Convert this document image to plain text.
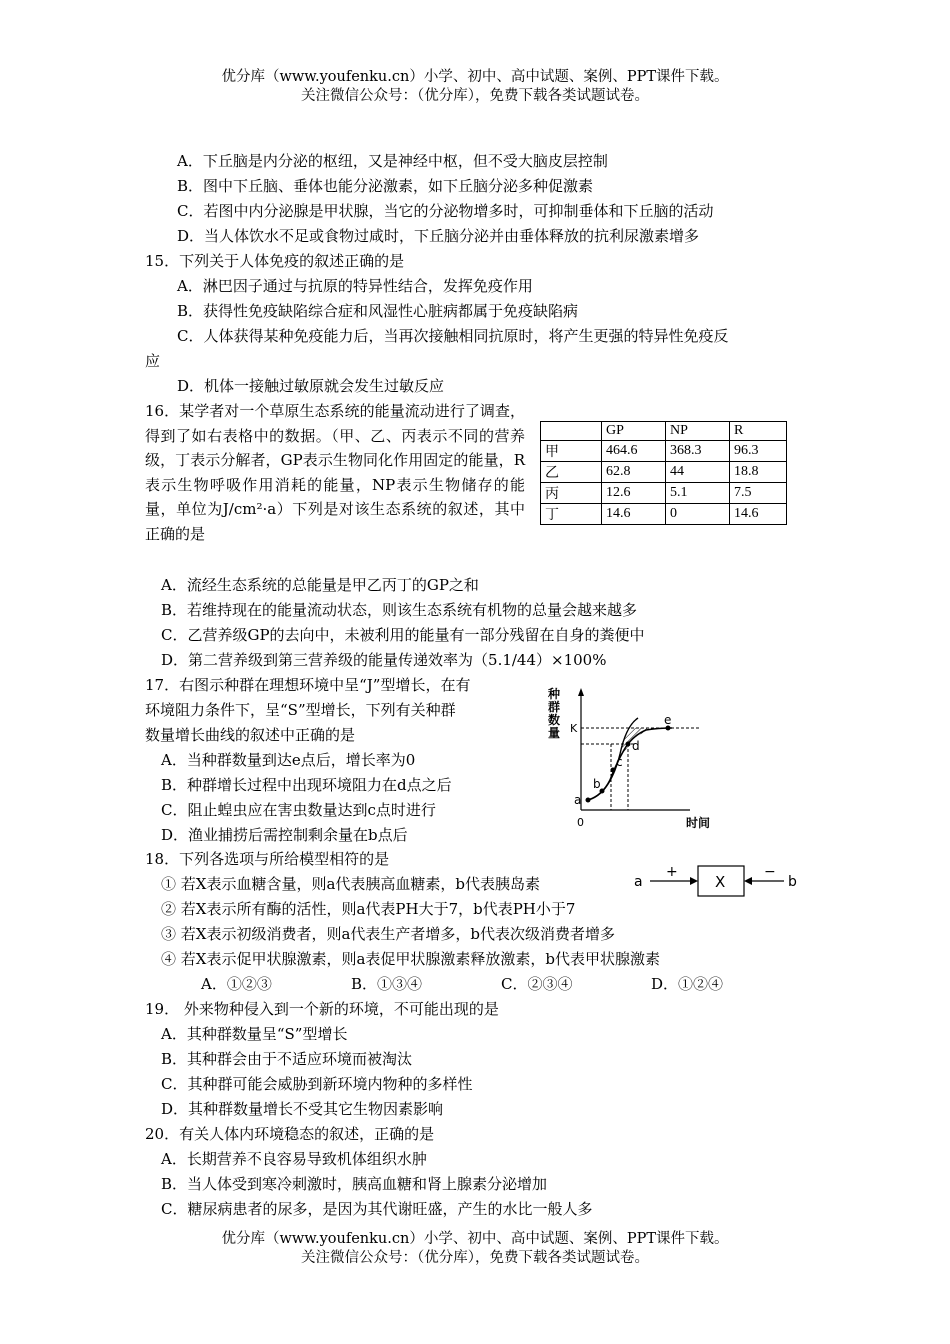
优分库（www.youfenku.cn）小学、初中、高中试题、案例、PPT课件下载。
关注微信公众号：（优分库），免费下载各类试题试卷。
A．下丘脑是内分泌的枢纽，又是神经中枢，但不受大脑皮层控制
B．图中下丘脑、垂体也能分泌激素，如下丘脑分泌多种促激素
C．若图中内分泌腺是甲状腺，当它的分泌物增多时，可抑制垂体和下丘脑的活动
D．当人体饮水不足或食物过咸时，下丘脑分泌并由垂体释放的抗利尿激素增多
15．下列关于人体免疫的叙述正确的是
A．淋巴因子通过与抗原的特异性结合，发挥免疫作用
B．获得性免疫缺陷综合症和风湿性心脏病都属于免疫缺陷病
C．人体获得某种免疫能力后，当再次接触相同抗原时，将产生更强的特异性免疫反
应
D．机体一接触过敏原就会发生过敏反应
16．某学者对一个草原生态系统的能量流动进行了调查，得到了如右表格中的数据。（甲、乙、丙表示不同的营养级，丁表示分解者，GP表示生物同化作用固定的能量，R表示生物呼吸作用消耗的能量，NP表示生物储存的能量，单位为J/cm²·a）下列是对该生态系统的叙述，其中正确的是
	GP	NP	R
甲	464.6	368.3	96.3
乙	62.8	44	18.8
丙	12.6	5.1	7.5
丁	14.6	0	14.6
A．流经生态系统的总能量是甲乙丙丁的GP之和
B．若维持现在的能量流动状态，则该生态系统有机物的总量会越来越多
C．乙营养级GP的去向中，未被利用的能量有一部分残留在自身的粪便中
D．第二营养级到第三营养级的能量传递效率为（5.1/44）×100%
17．右图示种群在理想环境中呈“J”型增长，在有
环境阻力条件下，呈“S”型增长，下列有关种群
数量增长曲线的叙述中正确的是
A．当种群数量到达e点后，增长率为0
B．种群增长过程中出现环境阻力在d点之后
C．阻止蝗虫应在害虫数量达到c点时进行
D．渔业捕捞后需控制剩余量在b点后
种
群
数
量
0	时间
K
a
b
c
d
e
18．下列各选项与所给模型相符的是
① 若X表示血糖含量，则a代表胰高血糖素，b代表胰岛素
② 若X表示所有酶的活性，则a代表PH大于7，b代表PH小于7
③ 若X表示初级消费者，则a代表生产者增多，b代表次级消费者增多
④ 若X表示促甲状腺激素，则a表促甲状腺激素释放激素，b代表甲状腺激素
A．①②③	B．①③④	C．②③④	D．①②④
a
+
X
−
b
19． 外来物种侵入到一个新的环境，不可能出现的是
A．其种群数量呈“S”型增长
B．其种群会由于不适应环境而被淘汰
C．其种群可能会威胁到新环境内物种的多样性
D．其种群数量增长不受其它生物因素影响
20．有关人体内环境稳态的叙述，正确的是
A．长期营养不良容易导致机体组织水肿
B．当人体受到寒冷刺激时，胰高血糖和肾上腺素分泌增加
C．糖尿病患者的尿多，是因为其代谢旺盛，产生的水比一般人多
优分库（www.youfenku.cn）小学、初中、高中试题、案例、PPT课件下载。
关注微信公众号：（优分库），免费下载各类试题试卷。
